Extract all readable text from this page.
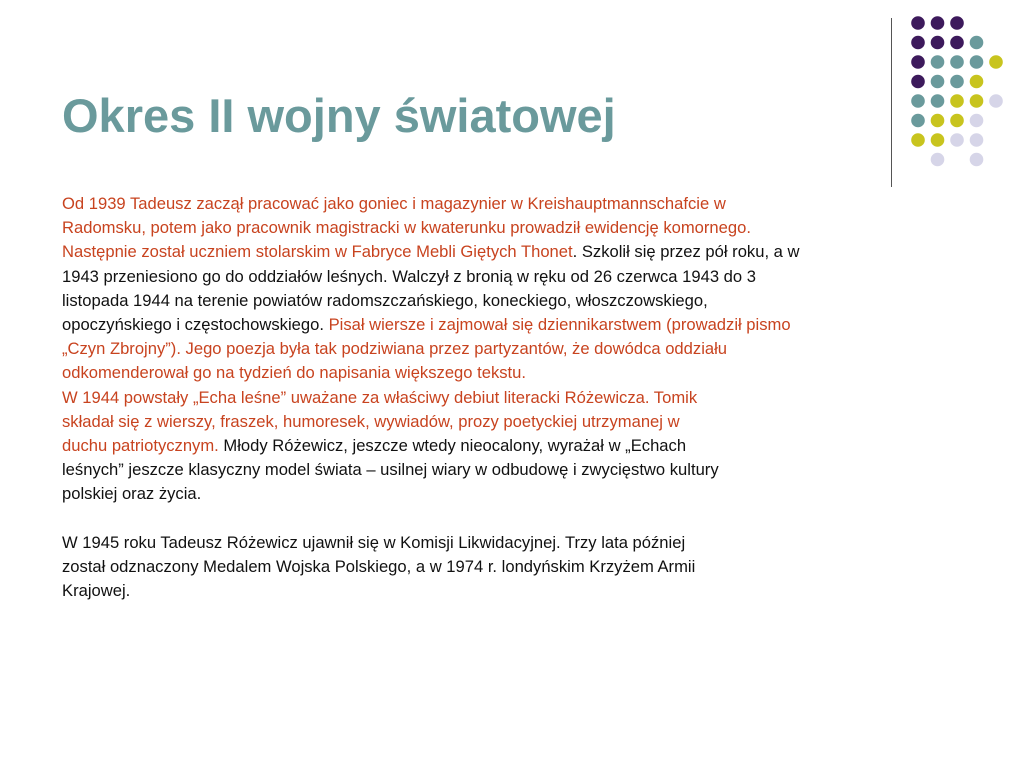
Okres II wojny światowej
Od 1939 Tadeusz zaczął pracować jako goniec i magazynier w Kreishauptmannschafcie w
Radomsku, potem jako pracownik magistracki w kwaterunku prowadził ewidencję komornego.
Następnie został uczniem stolarskim w Fabryce Mebli Giętych Thonet. Szkolił się przez pół roku, a w
1943 przeniesiono go do oddziałów leśnych. Walczył z bronią w ręku od 26 czerwca 1943 do 3
listopada 1944 na terenie powiatów radomszczańskiego, koneckiego, włoszczowskiego,
opoczyńskiego i częstochowskiego. Pisał wiersze i zajmował się dziennikarstwem (prowadził pismo
„Czyn Zbrojny”). Jego poezja była tak podziwiana przez partyzantów, że dowódca oddziału
odkomenderował go na tydzień do napisania większego tekstu.
W 1944 powstały „Echa leśne” uważane za właściwy debiut literacki Różewicza. Tomik
składał się z wierszy, fraszek, humoresek, wywiadów, prozy poetyckiej utrzymanej w
duchu patriotycznym. Młody Różewicz, jeszcze wtedy nieocalony, wyrażał w „Echach
leśnych” jeszcze klasyczny model świata – usilnej wiary w odbudowę i zwycięstwo kultury
polskiej oraz życia.
W 1945 roku Tadeusz Różewicz ujawnił się w Komisji Likwidacyjnej. Trzy lata później
został odznaczony Medalem Wojska Polskiego, a w 1974 r. londyńskim Krzyżem Armii
Krajowej.
